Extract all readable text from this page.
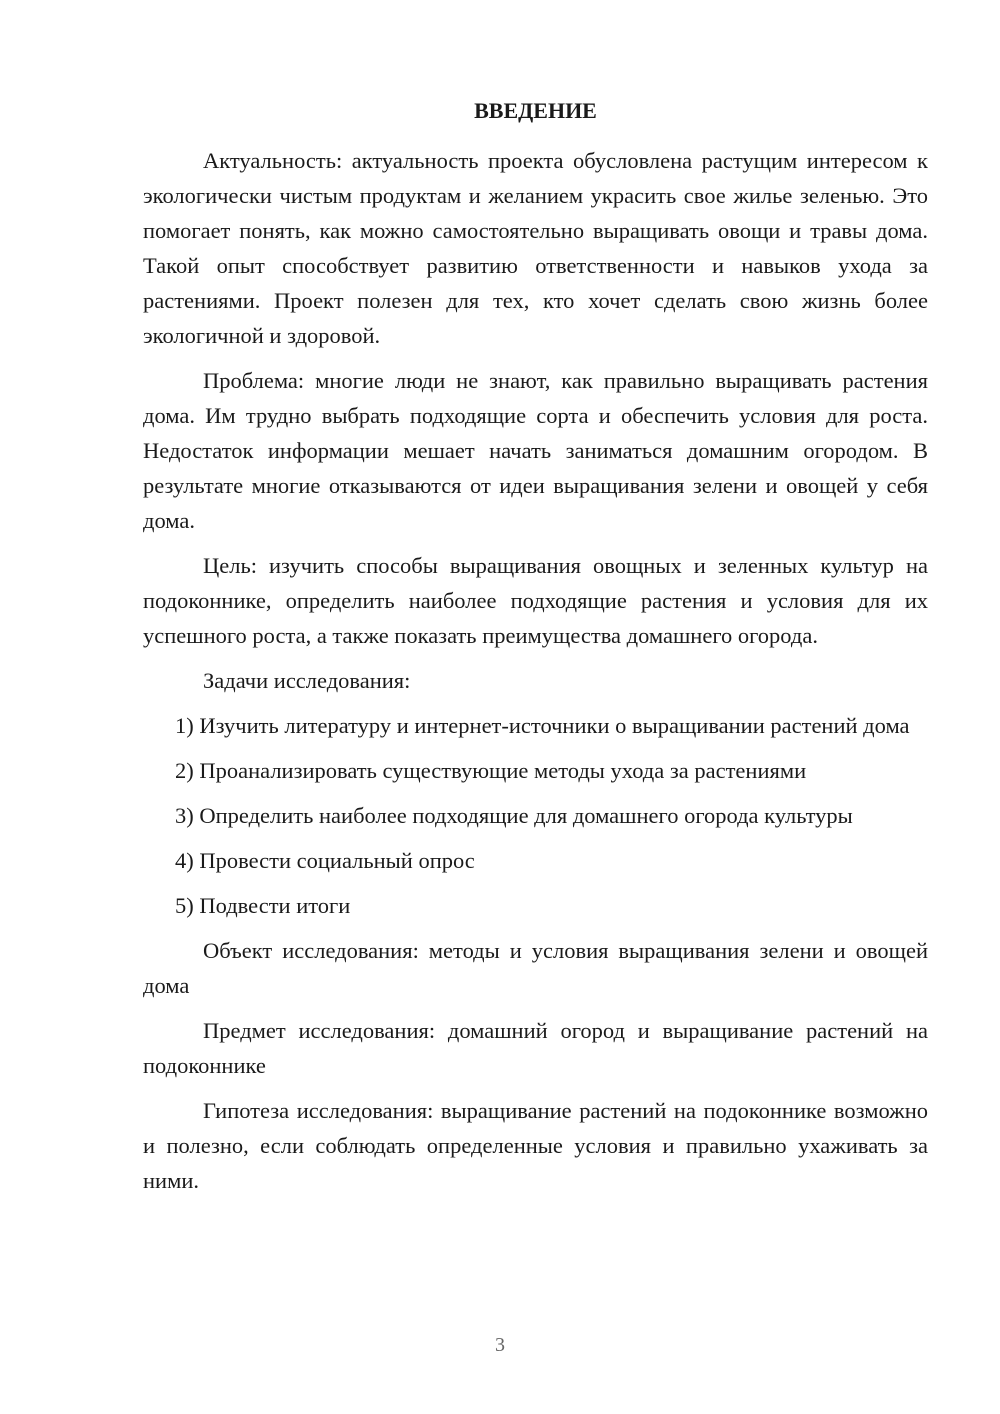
ВВЕДЕНИЕ

Актуальность: актуальность проекта обусловлена растущим интересом к экологически чистым продуктам и желанием украсить свое жилье зеленью. Это помогает понять, как можно самостоятельно выращивать овощи и травы дома. Такой опыт способствует развитию ответственности и навыков ухода за растениями. Проект полезен для тех, кто хочет сделать свою жизнь более экологичной и здоровой.

Проблема: многие люди не знают, как правильно выращивать растения дома. Им трудно выбрать подходящие сорта и обеспечить условия для роста. Недостаток информации мешает начать заниматься домашним огородом. В результате многие отказываются от идеи выращивания зелени и овощей у себя дома.

Цель: изучить способы выращивания овощных и зеленных культур на подоконнике, определить наиболее подходящие растения и условия для их успешного роста, а также показать преимущества домашнего огорода.

Задачи исследования:

1) Изучить литературу и интернет-источники о выращивании растений дома

2) Проанализировать существующие методы ухода за растениями

3) Определить наиболее подходящие для домашнего огорода культуры

4) Провести социальный опрос

5) Подвести итоги

Объект исследования: методы и условия выращивания зелени и овощей дома

Предмет исследования: домашний огород и выращивание растений на подоконнике

Гипотеза исследования: выращивание растений на подоконнике возможно и полезно, если соблюдать определенные условия и правильно ухаживать за ними.

3
